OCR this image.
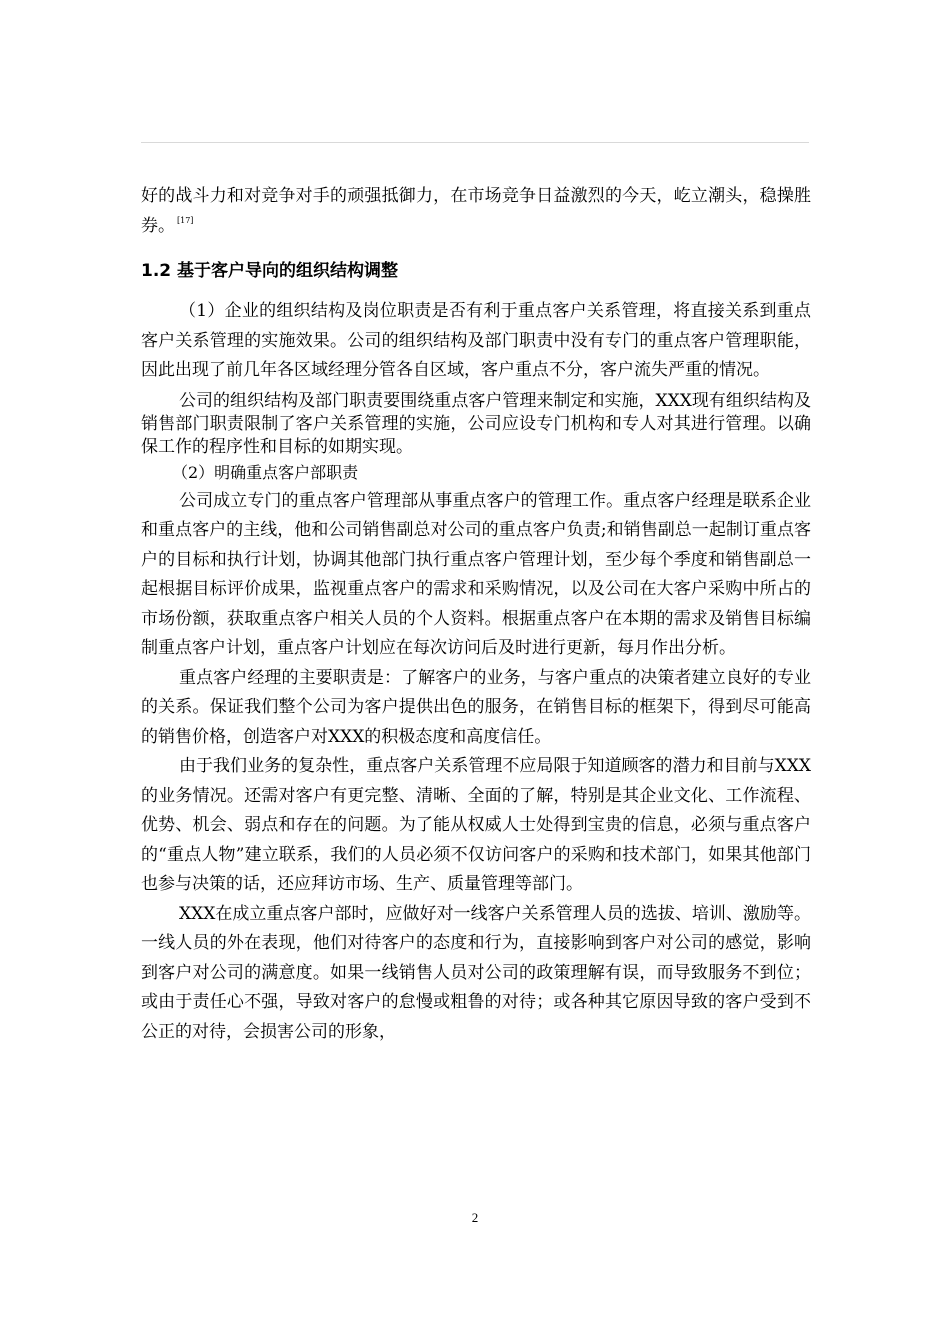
好的战斗力和对竞争对手的顽强抵御力，在市场竞争日益激烈的今天，屹立潮头，稳操胜券。 [17]

1.2 基于客户导向的组织结构调整

（1）企业的组织结构及岗位职责是否有利于重点客户关系管理，将直接关系到重点客户关系管理的实施效果。公司的组织结构及部门职责中没有专门的重点客户管理职能，因此出现了前几年各区域经理分管各自区域，客户重点不分，客户流失严重的情况。

公司的组织结构及部门职责要围绕重点客户管理来制定和实施，XXX现有组织结构及销售部门职责限制了客户关系管理的实施，公司应设专门机构和专人对其进行管理。以确保工作的程序性和目标的如期实现。

（2）明确重点客户部职责

公司成立专门的重点客户管理部从事重点客户的管理工作。重点客户经理是联系企业和重点客户的主线，他和公司销售副总对公司的重点客户负责;和销售副总一起制订重点客户的目标和执行计划，协调其他部门执行重点客户管理计划，至少每个季度和销售副总一起根据目标评价成果，监视重点客户的需求和采购情况，以及公司在大客户采购中所占的市场份额，获取重点客户相关人员的个人资料。根据重点客户在本期的需求及销售目标编制重点客户计划，重点客户计划应在每次访问后及时进行更新，每月作出分析。

重点客户经理的主要职责是：了解客户的业务，与客户重点的决策者建立良好的专业的关系。保证我们整个公司为客户提供出色的服务，在销售目标的框架下，得到尽可能高的销售价格，创造客户对XXX的积极态度和高度信任。

由于我们业务的复杂性，重点客户关系管理不应局限于知道顾客的潜力和目前与XXX的业务情况。还需对客户有更完整、清晰、全面的了解，特别是其企业文化、工作流程、优势、机会、弱点和存在的问题。为了能从权威人士处得到宝贵的信息，必须与重点客户的“重点人物”建立联系，我们的人员必须不仅访问客户的采购和技术部门，如果其他部门也参与决策的话，还应拜访市场、生产、质量管理等部门。

XXX在成立重点客户部时，应做好对一线客户关系管理人员的选拔、培训、激励等。一线人员的外在表现，他们对待客户的态度和行为，直接影响到客户对公司的感觉，影响到客户对公司的满意度。如果一线销售人员对公司的政策理解有误，而导致服务不到位；或由于责任心不强，导致对客户的怠慢或粗鲁的对待；或各种其它原因导致的客户受到不公正的对待，会损害公司的形象，

2
